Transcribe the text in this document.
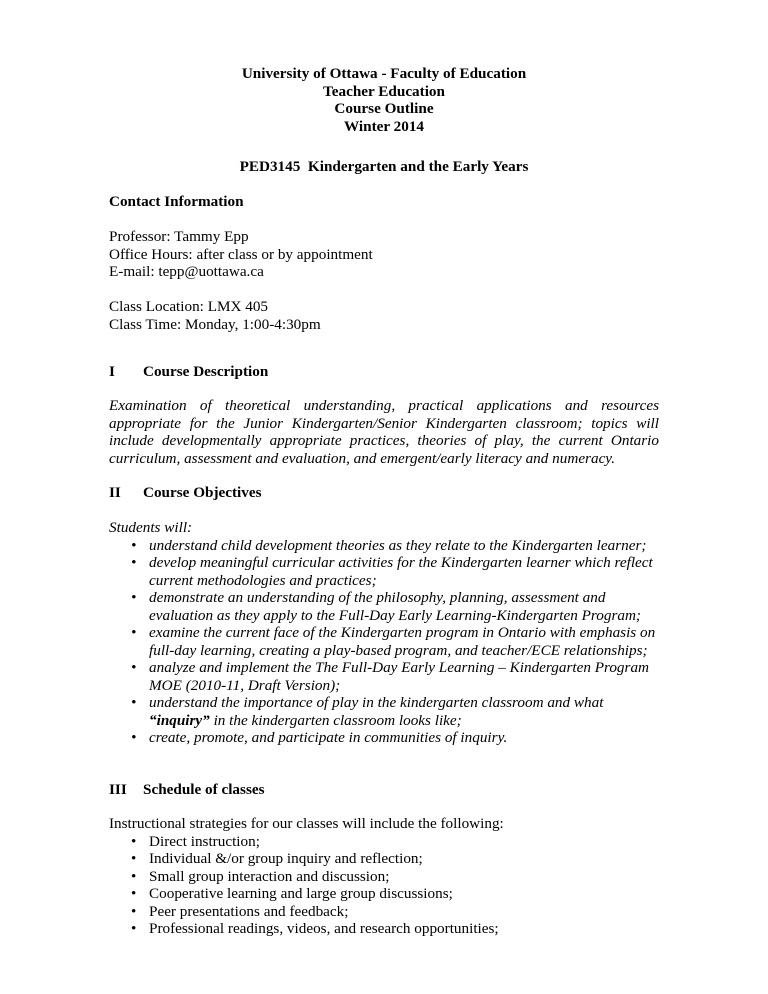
University of Ottawa - Faculty of Education
Teacher Education
Course Outline
Winter 2014
PED3145  Kindergarten and the Early Years
Contact Information
Professor: Tammy Epp
Office Hours: after class or by appointment
E-mail: tepp@uottawa.ca
Class Location: LMX 405
Class Time: Monday, 1:00-4:30pm
I Course Description
Examination of theoretical understanding, practical applications and resources appropriate for the Junior Kindergarten/Senior Kindergarten classroom; topics will include developmentally appropriate practices, theories of play, the current Ontario curriculum, assessment and evaluation, and emergent/early literacy and numeracy.
II Course Objectives
Students will:
• understand child development theories as they relate to the Kindergarten learner;
• develop meaningful curricular activities for the Kindergarten learner which reflect current methodologies and practices;
• demonstrate an understanding of the philosophy, planning, assessment and evaluation as they apply to the Full-Day Early Learning-Kindergarten Program;
• examine the current face of the Kindergarten program in Ontario with emphasis on full-day learning, creating a play-based program, and teacher/ECE relationships;
• analyze and implement the The Full-Day Early Learning – Kindergarten Program MOE (2010-11, Draft Version);
• understand the importance of play in the kindergarten classroom and what “inquiry” in the kindergarten classroom looks like;
• create, promote, and participate in communities of inquiry.
III Schedule of classes
Instructional strategies for our classes will include the following:
• Direct instruction;
• Individual &/or group inquiry and reflection;
• Small group interaction and discussion;
• Cooperative learning and large group discussions;
• Peer presentations and feedback;
• Professional readings, videos, and research opportunities;
